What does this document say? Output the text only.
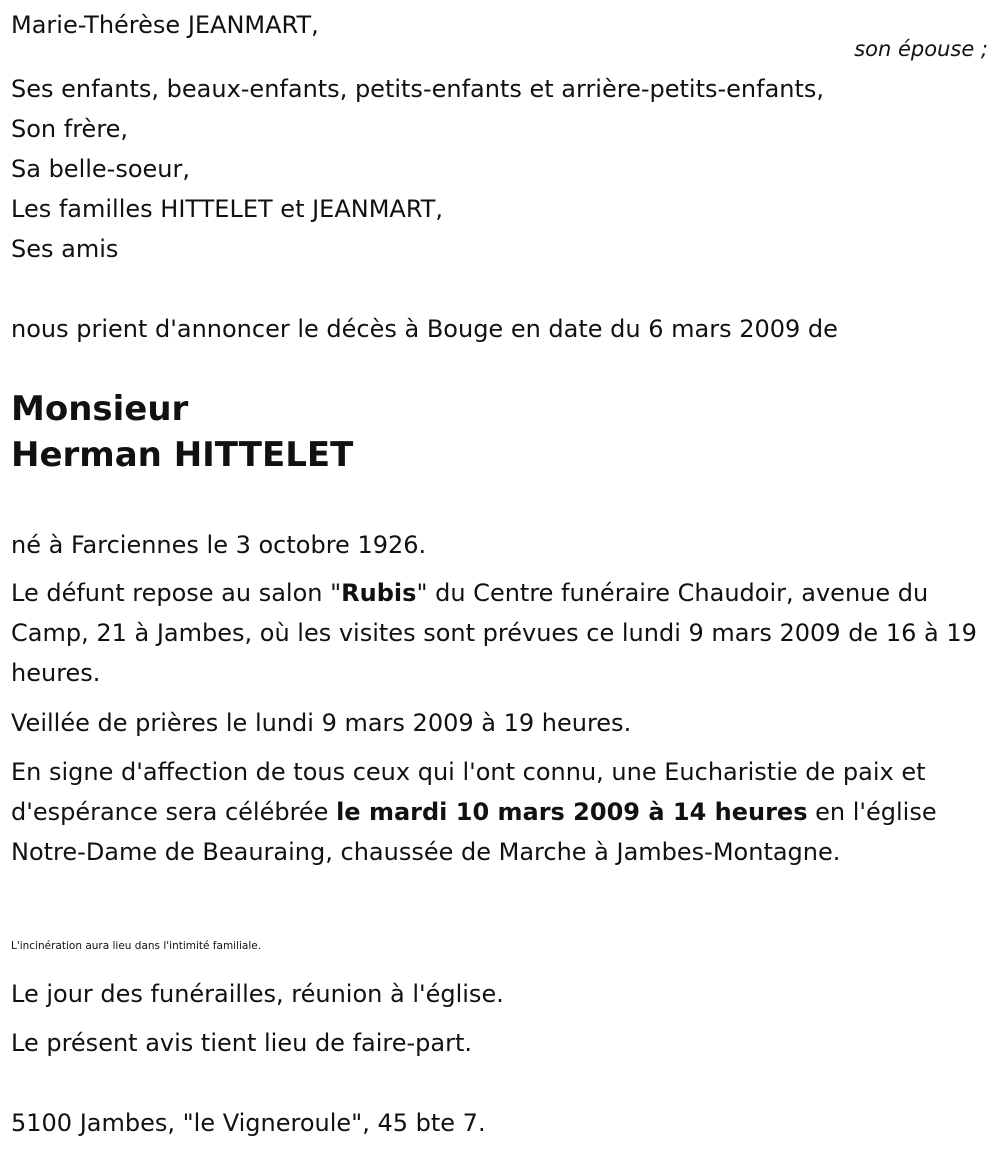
Marie-Thérèse JEANMART,

son épouse ;

Ses enfants, beaux-enfants, petits-enfants et arrière-petits-enfants,

Son frère,

Sa belle-soeur,

Les familles HITTELET et JEANMART,

Ses amis

nous prient d'annoncer le décès à Bouge en date du 6 mars 2009 de

Monsieur
Herman HITTELET

né à Farciennes le 3 octobre 1926.

Le défunt repose au salon "Rubis" du Centre funéraire Chaudoir, avenue du Camp, 21 à Jambes, où les visites sont prévues ce lundi 9 mars 2009 de 16 à 19 heures.

Veillée de prières le lundi 9 mars 2009 à 19 heures.

En signe d'affection de tous ceux qui l'ont connu, une Eucharistie de paix et d'espérance sera célébrée le mardi 10 mars 2009 à 14 heures en l'église Notre-Dame de Beauraing, chaussée de Marche à Jambes-Montagne.

L'incinération aura lieu dans l'intimité familiale.

Le jour des funérailles, réunion à l'église.

Le présent avis tient lieu de faire-part.

5100 Jambes, "le Vigneroule", 45 bte 7.
